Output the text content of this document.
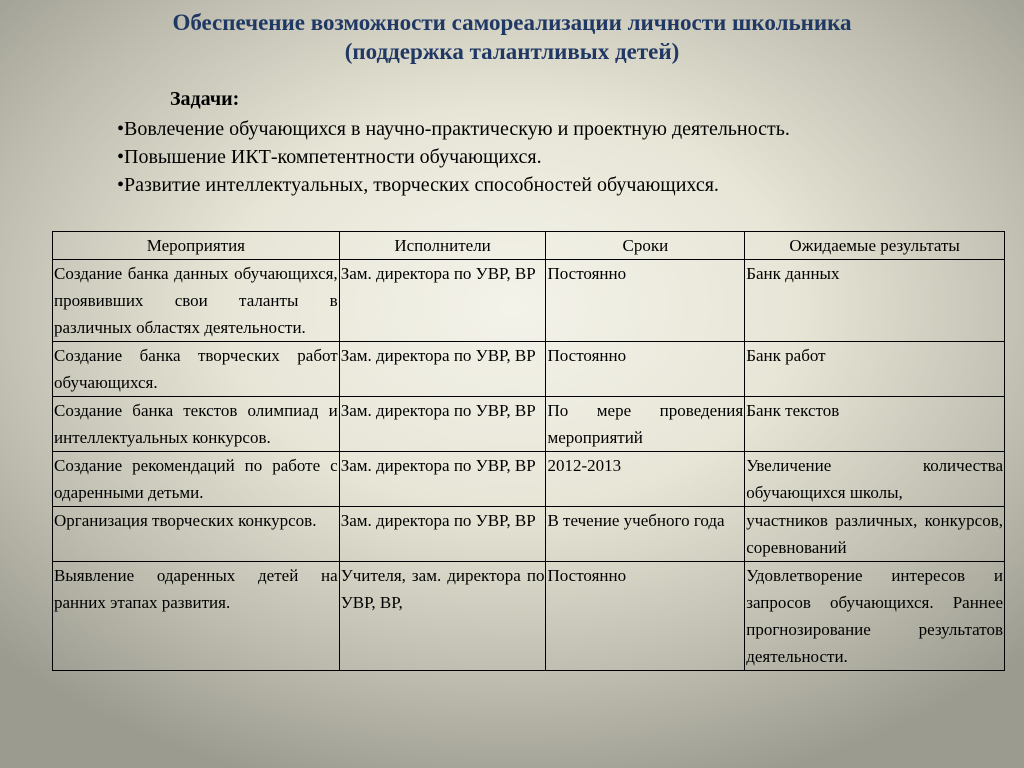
Обеспечение возможности самореализации личности школьника
(поддержка талантливых детей)
Задачи:
•Вовлечение обучающихся в научно-практическую и проектную деятельность.
•Повышение ИКТ-компетентности обучающихся.
•Развитие интеллектуальных, творческих способностей обучающихся.
Мероприятия	Исполнители	Сроки	Ожидаемые результаты
Создание банка данных обучающихся, проявивших свои таланты в различных областях деятельности.	Зам. директора по УВР, ВР	Постоянно	Банк данных
Создание банка творческих работ обучающихся.	Зам. директора по УВР, ВР	Постоянно	Банк работ
Создание банка текстов олимпиад и интеллектуальных конкурсов.	Зам. директора по УВР, ВР	По мере проведения мероприятий	Банк текстов
Создание рекомендаций по работе с одаренными детьми.	Зам. директора по УВР, ВР	2012-2013	Увеличение количества обучающихся школы,
Организация творческих конкурсов.	Зам. директора по УВР, ВР	В течение учебного года	участников различных, конкурсов, соревнований
Выявление одаренных детей на ранних этапах развития.	Учителя, зам. директора по УВР, ВР,	Постоянно	Удовлетворение интересов и запросов обучающихся. Раннее прогнозирование результатов деятельности.
